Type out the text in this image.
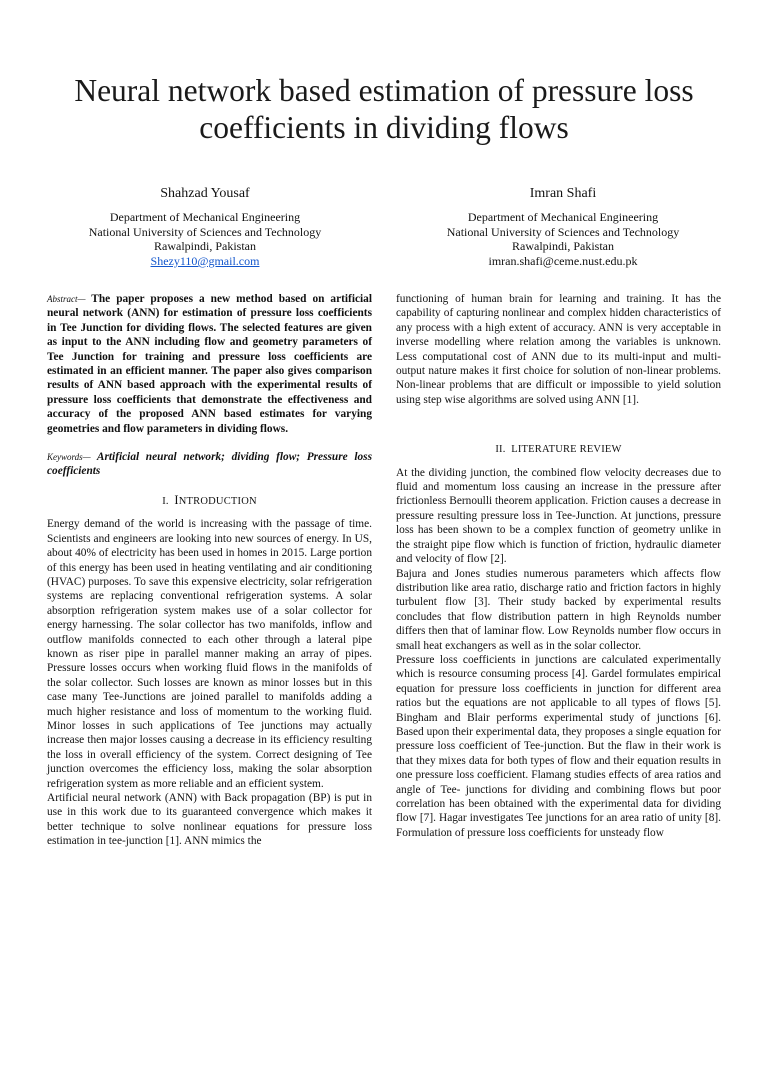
Neural network based estimation of pressure loss
coefficients in dividing flows
Shahzad Yousaf
Department of Mechanical Engineering
National University of Sciences and Technology
Rawalpindi, Pakistan
Shezy110@gmail.com
Imran Shafi
Department of Mechanical Engineering
National University of Sciences and Technology
Rawalpindi, Pakistan
imran.shafi@ceme.nust.edu.pk

Abstract— The paper proposes a new method based on artificial neural network (ANN) for estimation of pressure loss coefficients in Tee Junction for dividing flows. The selected features are given as input to the ANN including flow and geometry parameters of Tee Junction for training and pressure loss coefficients are estimated in an efficient manner. The paper also gives comparison results of ANN based approach with the experimental results of pressure loss coefficients that demonstrate the effectiveness and accuracy of the proposed ANN based estimates for varying geometries and flow parameters in dividing flows.

Keywords— Artificial neural network; dividing flow; Pressure loss coefficients

I. INTRODUCTION

Energy demand of the world is increasing with the passage of time. Scientists and engineers are looking into new sources of energy. In US, about 40% of electricity has been used in homes in 2015. Large portion of this energy has been used in heating ventilating and air conditioning (HVAC) purposes. To save this expensive electricity, solar refrigeration systems are replacing conventional refrigeration systems. A solar absorption refrigeration system makes use of a solar collector for energy harnessing. The solar collector has two manifolds, inflow and outflow manifolds connected to each other through a lateral pipe known as riser pipe in parallel manner making an array of pipes. Pressure losses occurs when working fluid flows in the manifolds of the solar collector. Such losses are known as minor losses but in this case many Tee-Junctions are joined parallel to manifolds adding a much higher resistance and loss of momentum to the working fluid. Minor losses in such applications of Tee junctions may actually increase then major losses causing a decrease in its efficiency resulting the loss in overall efficiency of the system. Correct designing of Tee junction overcomes the efficiency loss, making the solar absorption refrigeration system as more reliable and an efficient system.

Artificial neural network (ANN) with Back propagation (BP) is put in use in this work due to its guaranteed convergence which makes it better technique to solve nonlinear equations for pressure loss estimation in tee-junction [1]. ANN mimics the

functioning of human brain for learning and training. It has the capability of capturing nonlinear and complex hidden characteristics of any process with a high extent of accuracy. ANN is very acceptable in inverse modelling where relation among the variables is unknown. Less computational cost of ANN due to its multi-input and multi-output nature makes it first choice for solution of non-linear problems. Non-linear problems that are difficult or impossible to yield solution using step wise algorithms are solved using ANN [1].

II. LITERATURE REVIEW

At the dividing junction, the combined flow velocity decreases due to fluid and momentum loss causing an increase in the pressure after frictionless Bernoulli theorem application. Friction causes a decrease in pressure resulting pressure loss in Tee-Junction. At junctions, pressure loss has been shown to be a complex function of geometry unlike in the straight pipe flow which is function of friction, hydraulic diameter and velocity of flow [2].

Bajura and Jones studies numerous parameters which affects flow distribution like area ratio, discharge ratio and friction factors in highly turbulent flow [3]. Their study backed by experimental results concludes that flow distribution pattern in high Reynolds number differs then that of laminar flow. Low Reynolds number flow occurs in small heat exchangers as well as in the solar collector.

Pressure loss coefficients in junctions are calculated experimentally which is resource consuming process [4]. Gardel formulates empirical equation for pressure loss coefficients in junction for different area ratios but the equations are not applicable to all types of flows [5]. Bingham and Blair performs experimental study of junctions [6]. Based upon their experimental data, they proposes a single equation for pressure loss coefficient of Tee-junction. But the flaw in their work is that they mixes data for both types of flow and their equation results in one pressure loss coefficient. Flamang studies effects of area ratios and angle of Tee- junctions for dividing and combining flows but poor correlation has been obtained with the experimental data for dividing flow [7]. Hagar investigates Tee junctions for an area ratio of unity [8]. Formulation of pressure loss coefficients for unsteady flow
